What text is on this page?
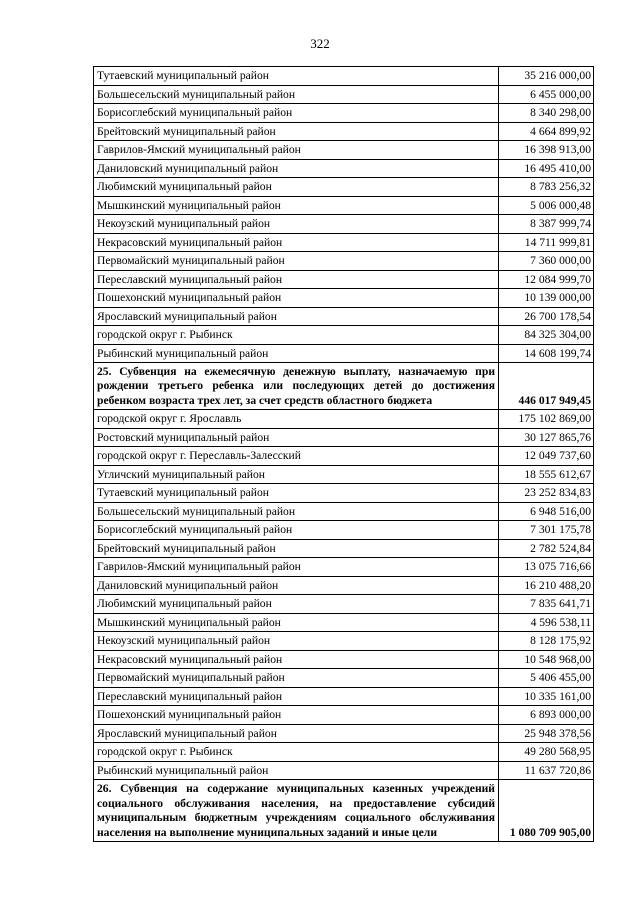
322
Тутаевский муниципальный район	35 216 000,00
Большесельский муниципальный район	6 455 000,00
Борисоглебский муниципальный район	8 340 298,00
Брейтовский муниципальный район	4 664 899,92
Гаврилов-Ямский муниципальный район	16 398 913,00
Даниловский муниципальный район	16 495 410,00
Любимский муниципальный район	8 783 256,32
Мышкинский муниципальный район	5 006 000,48
Некоузский муниципальный район	8 387 999,74
Некрасовский муниципальный район	14 711 999,81
Первомайский муниципальный район	7 360 000,00
Переславский муниципальный район	12 084 999,70
Пошехонский муниципальный район	10 139 000,00
Ярославский муниципальный район	26 700 178,54
городской округ г. Рыбинск	84 325 304,00
Рыбинский муниципальный район	14 608 199,74
25. Субвенция на ежемесячную денежную выплату, назначаемую при рождении третьего ребенка или последующих детей до достижения ребенком возраста трех лет, за счет средств областного бюджета	446 017 949,45
городской округ г. Ярославль	175 102 869,00
Ростовский муниципальный район	30 127 865,76
городской округ г. Переславль-Залесский	12 049 737,60
Угличский муниципальный район	18 555 612,67
Тутаевский муниципальный район	23 252 834,83
Большесельский муниципальный район	6 948 516,00
Борисоглебский муниципальный район	7 301 175,78
Брейтовский муниципальный район	2 782 524,84
Гаврилов-Ямский муниципальный район	13 075 716,66
Даниловский муниципальный район	16 210 488,20
Любимский муниципальный район	7 835 641,71
Мышкинский муниципальный район	4 596 538,11
Некоузский муниципальный район	8 128 175,92
Некрасовский муниципальный район	10 548 968,00
Первомайский муниципальный район	5 406 455,00
Переславский муниципальный район	10 335 161,00
Пошехонский муниципальный район	6 893 000,00
Ярославский муниципальный район	25 948 378,56
городской округ г. Рыбинск	49 280 568,95
Рыбинский муниципальный район	11 637 720,86
26. Субвенция на содержание муниципальных казенных учреждений социального обслуживания населения, на предоставление субсидий муниципальным бюджетным учреждениям социального обслуживания населения на выполнение муниципальных заданий и иные цели	1 080 709 905,00
